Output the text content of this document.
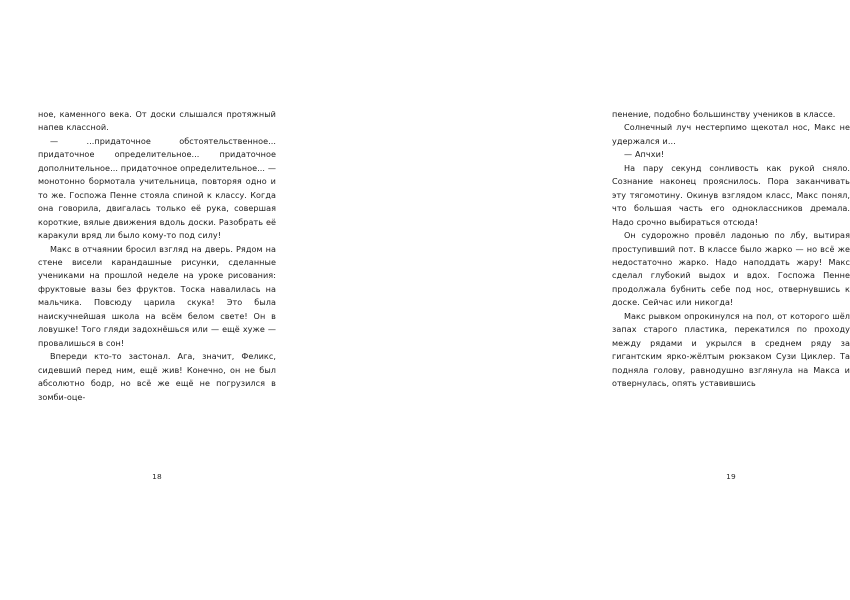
ное, каменного века. От доски слышался протяжный напев классной.

— ...придаточное обстоятельственное... придаточное определительное... придаточное дополнительное... придаточное определительное... — монотонно бормотала учительница, повторяя одно и то же. Госпожа Пенне стояла спиной к классу. Когда она говорила, двигалась только её рука, совершая короткие, вялые движения вдоль доски. Разобрать её каракули вряд ли было кому-то под силу!

Макс в отчаянии бросил взгляд на дверь. Рядом на стене висели карандашные рисунки, сделанные учениками на прошлой неделе на уроке рисования: фруктовые вазы без фруктов. Тоска навалилась на мальчика. Повсюду царила скука! Это была наискучнейшая школа на всём белом свете! Он в ловушке! Того гляди задохнёшься или — ещё хуже — провалишься в сон!

Впереди кто-то застонал. Ага, значит, Феликс, сидевший перед ним, ещё жив! Конечно, он не был абсолютно бодр, но всё же ещё не погрузился в зомби-оце-

18

пенение, подобно большинству учеников в классе.

Солнечный луч нестерпимо щекотал нос, Макс не удержался и...

— Апчхи!

На пару секунд сонливость как рукой сняло. Сознание наконец прояснилось. Пора заканчивать эту тягомотину. Окинув взглядом класс, Макс понял, что большая часть его одноклассников дремала. Надо срочно выбираться отсюда!

Он судорожно провёл ладонью по лбу, вытирая проступивший пот. В классе было жарко — но всё же недостаточно жарко. Надо наподдать жару! Макс сделал глубокий выдох и вдох. Госпожа Пенне продолжала бубнить себе под нос, отвернувшись к доске. Сейчас или никогда!

Макс рывком опрокинулся на пол, от которого шёл запах старого пластика, перекатился по проходу между рядами и укрылся в среднем ряду за гигантским ярко-жёлтым рюкзаком Сузи Циклер. Та подняла голову, равнодушно взглянула на Макса и отвернулась, опять уставившись

19
